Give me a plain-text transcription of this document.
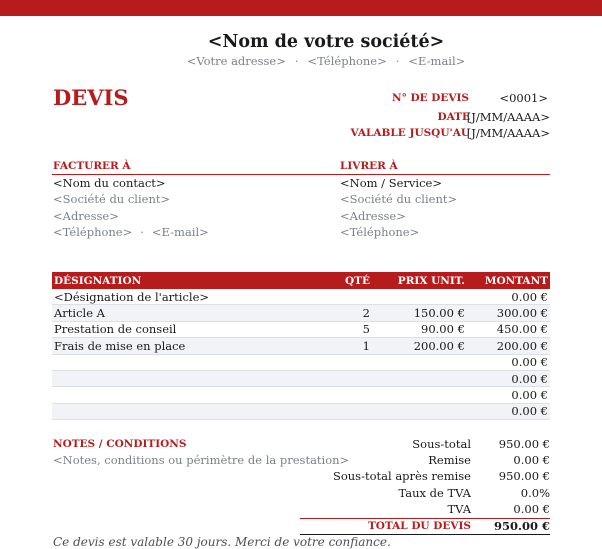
<Nom de votre société>
<Votre adresse> · <Téléphone> · <E-mail>
DEVIS	N° DE DEVIS	<0001>
DATE
[J/MM/AAAA>
VALABLE JUSQU'AU
[J/MM/AAAA>
FACTURER À	LIVRER À
<Nom du contact>
<Société du client>
<Adresse>
<Téléphone> · <E-mail>
<Nom / Service>
<Société du client>
<Adresse>
<Téléphone>
DÉSIGNATION	QTÉ	PRIX UNIT.	MONTANT
<Désignation de l'article>			0.00 €
Article A	2	150.00 €	300.00 €
Prestation de conseil	5	90.00 €	450.00 €
Frais de mise en place	1	200.00 €	200.00 €
			0.00 €
			0.00 €
			0.00 €
			0.00 €
NOTES / CONDITIONS
<Notes, conditions ou périmètre de la prestation>
Sous-total	950.00 €
Remise	0.00 €
Sous-total après remise	950.00 €
Taux de TVA	0.0%
TVA	0.00 €
TOTAL DU DEVIS	950.00 €
Ce devis est valable 30 jours. Merci de votre confiance.
